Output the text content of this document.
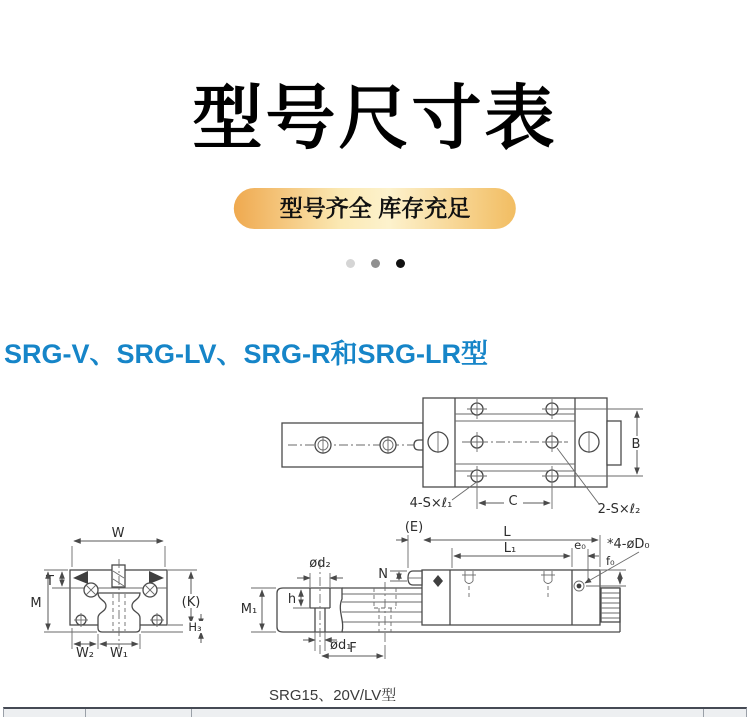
型号尺寸表
型号齐全 库存充足
SRG-V、SRG-LV、SRG-R和SRG-LR型
B
C
4-S×ℓ₁	2-S×ℓ₂
W
T
M	(K)
H₃
W₂ W₁
ød₂
h
ød₁
F
M₁
(E)	L
L₁	e₀ *4-øD₀
f₀
N
SRG15、20V/LV型
